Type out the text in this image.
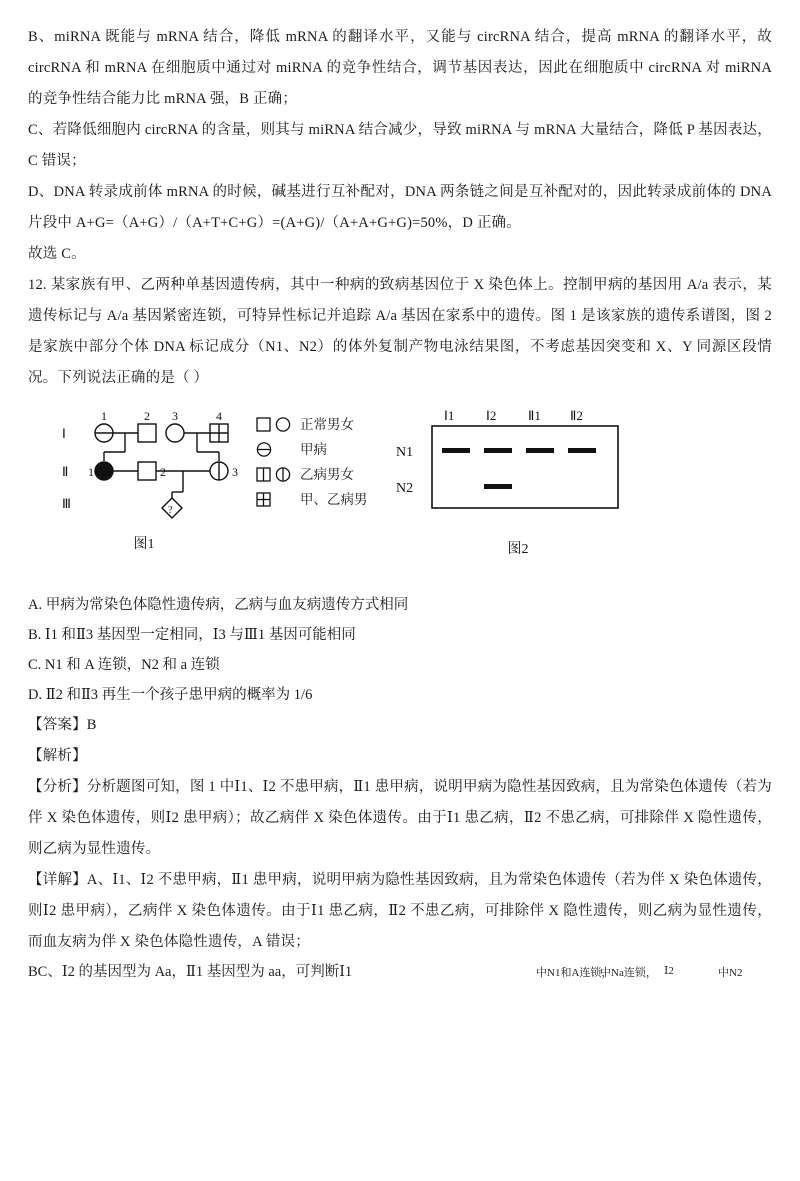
B、miRNA 既能与 mRNA 结合，降低 mRNA 的翻译水平，又能与 circRNA 结合，提高 mRNA 的翻译水平，故 circRNA 和 mRNA 在细胞质中通过对 miRNA 的竞争性结合，调节基因表达，因此在细胞质中 circRNA 对 miRNA 的竞争性结合能力比 mRNA 强，B 正确；

C、若降低细胞内 circRNA 的含量，则其与 miRNA 结合减少，导致 miRNA 与 mRNA 大量结合，降低 P 基因表达，C 错误；

D、DNA 转录成前体 mRNA 的时候，碱基进行互补配对，DNA 两条链之间是互补配对的，因此转录成前体的 DNA 片段中 A+G=（A+G）/（A+T+C+G）=(A+G)/（A+A+G+G)=50%，D 正确。

故选 C。

12. 某家族有甲、乙两种单基因遗传病，其中一种病的致病基因位于 X 染色体上。控制甲病的基因用 A/a 表示，某遗传标记与 A/a 基因紧密连锁，可特异性标记并追踪 A/a 基因在家系中的遗传。图 1 是该家族的遗传系谱图，图 2 是家族中部分个体 DNA 标记成分（N1、N2）的体外复制产物电泳结果图，不考虑基因突变和 X、Y 同源区段情况。下列说法正确的是（ ）

1	2 3	4
Ⅰ
Ⅱ 1	2	3
Ⅲ	?
图1
正常男女
甲病
乙病男女
甲、乙病男
Ⅰ1 Ⅰ2 Ⅱ1 Ⅱ2
N1
N2
图2

A. 甲病为常染色体隐性遗传病，乙病与血友病遗传方式相同

B. Ⅰ1 和Ⅱ3 基因型一定相同，Ⅰ3 与Ⅲ1 基因可能相同

C. N1 和 A 连锁，N2 和 a 连锁

D. Ⅱ2 和Ⅱ3 再生一个孩子患甲病的概率为 1/6

【答案】B

【解析】

【分析】分析题图可知，图 1 中Ⅰ1、Ⅰ2 不患甲病，Ⅱ1 患甲病，说明甲病为隐性基因致病，且为常染色体遗传（若为伴 X 染色体遗传，则Ⅰ2 患甲病）；故乙病伴 X 染色体遗传。由于Ⅰ1 患乙病，Ⅱ2 不患乙病，可排除伴 X 隐性遗传，则乙病为显性遗传。

【详解】A、Ⅰ1、Ⅰ2 不患甲病，Ⅱ1 患甲病，说明甲病为隐性基因致病，且为常染色体遗传（若为伴 X 染色体遗传，则Ⅰ2 患甲病），乙病伴 X 染色体遗传。由于Ⅰ1 患乙病，Ⅱ2 不患乙病，可排除伴 X 隐性遗传，则乙病为显性遗传，而血友病为伴 X 染色体隐性遗传，A 错误；

BC、Ⅰ2 的基因型为 Aa，Ⅱ1 基因型为 aa，可判断Ⅰ1	中N1和A连锁，
中Na连锁， Ⅰ2	中N2
